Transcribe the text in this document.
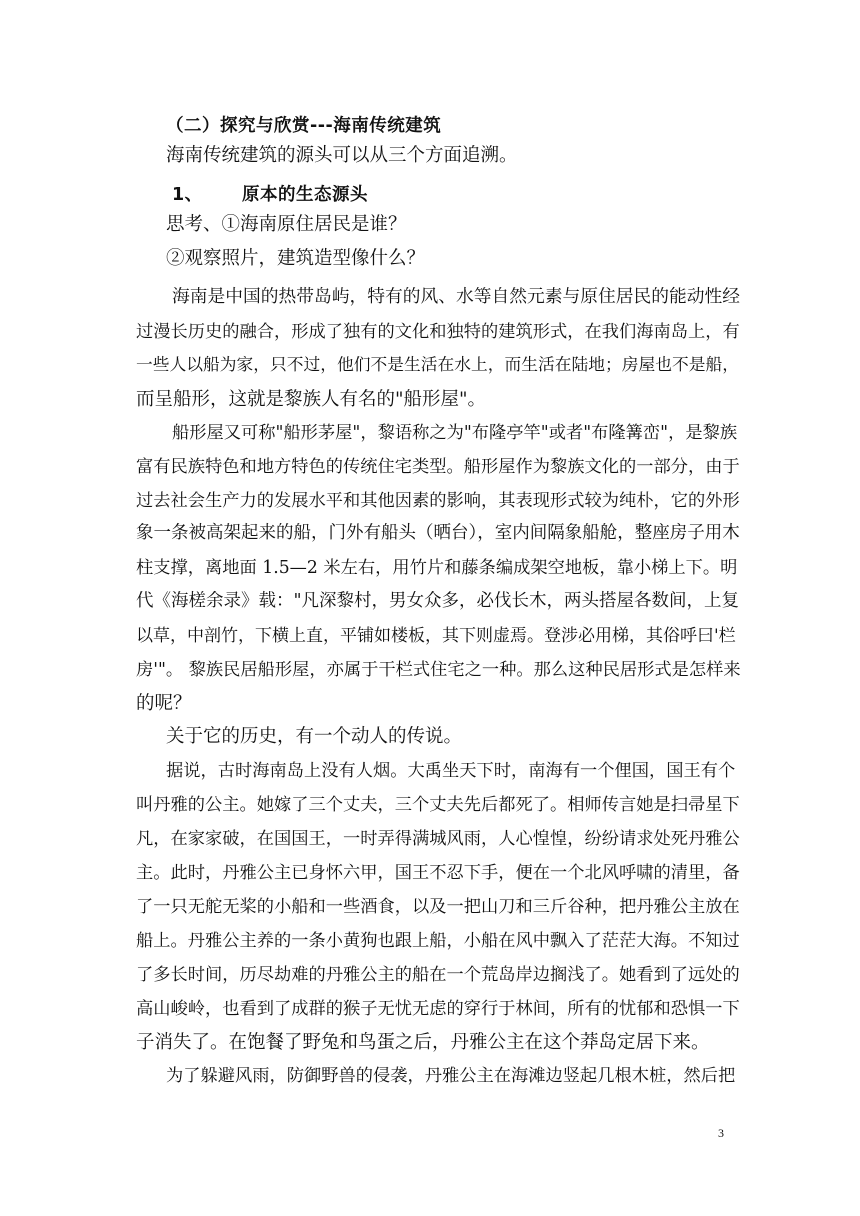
（二）探究与欣赏---海南传统建筑
海南传统建筑的源头可以从三个方面追溯。
1、 原本的生态源头
思考、①海南原住居民是谁？
②观察照片，建筑造型像什么？
海南是中国的热带岛屿，特有的风、水等自然元素与原住居民的能动性经
过漫长历史的融合，形成了独有的文化和独特的建筑形式，在我们海南岛上，有
一些人以船为家，只不过，他们不是生活在水上，而生活在陆地；房屋也不是船，
而呈船形，这就是黎族人有名的"船形屋"。
船形屋又可称"船形茅屋"，黎语称之为"布隆亭竿"或者"布隆篝峦"，是黎族
富有民族特色和地方特色的传统住宅类型。船形屋作为黎族文化的一部分，由于
过去社会生产力的发展水平和其他因素的影响，其表现形式较为纯朴，它的外形
象一条被高架起来的船，门外有船头（晒台），室内间隔象船舱，整座房子用木
柱支撑，离地面 1.5—2 米左右，用竹片和藤条编成架空地板，靠小梯上下。明
代《海槎余录》载："凡深黎村，男女众多，必伐长木，两头搭屋各数间，上复
以草，中剖竹，下横上直，平铺如楼板，其下则虚焉。登涉必用梯，其俗呼曰'栏
房'"。 黎族民居船形屋，亦属于干栏式住宅之一种。那么这种民居形式是怎样来
的呢？
关于它的历史，有一个动人的传说。
据说，古时海南岛上没有人烟。大禹坐天下时，南海有一个俚国，国王有个
叫丹雅的公主。她嫁了三个丈夫，三个丈夫先后都死了。相师传言她是扫帚星下
凡，在家家破，在国国王，一时弄得满城风雨，人心惶惶，纷纷请求处死丹雅公
主。此时，丹雅公主已身怀六甲，国王不忍下手，便在一个北风呼啸的清里，备
了一只无舵无桨的小船和一些酒食，以及一把山刀和三斤谷种，把丹雅公主放在
船上。丹雅公主养的一条小黄狗也跟上船，小船在风中飘入了茫茫大海。不知过
了多长时间，历尽劫难的丹雅公主的船在一个荒岛岸边搁浅了。她看到了远处的
高山峻岭，也看到了成群的猴子无忧无虑的穿行于林间，所有的忧郁和恐惧一下
子消失了。在饱餐了野兔和鸟蛋之后，丹雅公主在这个莽岛定居下来。
为了躲避风雨，防御野兽的侵袭，丹雅公主在海滩边竖起几根木桩，然后把
3
